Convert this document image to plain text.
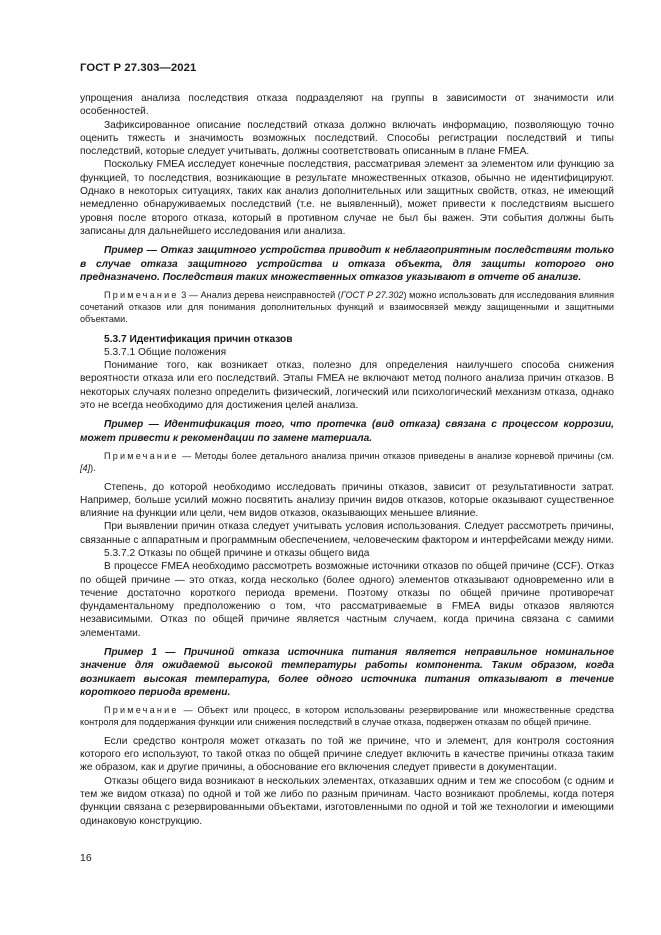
ГОСТ Р 27.303—2021

упрощения анализа последствия отказа подразделяют на группы в зависимости от значимости или особенностей.

Зафиксированное описание последствий отказа должно включать информацию, позволяющую точно оценить тяжесть и значимость возможных последствий. Способы регистрации последствий и типы последствий, которые следует учитывать, должны соответствовать описанным в плане FMEA.

Поскольку FMEA исследует конечные последствия, рассматривая элемент за элементом или функцию за функцией, то последствия, возникающие в результате множественных отказов, обычно не идентифицируют. Однако в некоторых ситуациях, таких как анализ дополнительных или защитных свойств, отказ, не имеющий немедленно обнаруживаемых последствий (т.е. не выявленный), может привести к последствиям высшего уровня после второго отказа, который в противном случае не был бы важен. Эти события должны быть записаны для дальнейшего исследования или анализа.

Пример — Отказ защитного устройства приводит к неблагоприятным последствиям только в случае отказа защитного устройства и отказа объекта, для защиты которого оно предназначено. Последствия таких множественных отказов указывают в отчете об анализе.

Примечание 3 — Анализ дерева неисправностей (ГОСТ Р 27.302) можно использовать для исследования влияния сочетаний отказов или для понимания дополнительных функций и взаимосвязей между защищенными и защитными объектами.

5.3.7 Идентификация причин отказов

5.3.7.1 Общие положения

Понимание того, как возникает отказ, полезно для определения наилучшего способа снижения вероятности отказа или его последствий. Этапы FMEA не включают метод полного анализа причин отказов. В некоторых случаях полезно определить физический, логический или психологический механизм отказа, однако это не всегда необходимо для достижения целей анализа.

Пример — Идентификация того, что протечка (вид отказа) связана с процессом коррозии, может привести к рекомендации по замене материала.

Примечание — Методы более детального анализа причин отказов приведены в анализе корневой причины (см. [4]).

Степень, до которой необходимо исследовать причины отказов, зависит от результативности затрат. Например, больше усилий можно посвятить анализу причин видов отказов, которые оказывают существенное влияние на функции или цели, чем видов отказов, оказывающих меньшее влияние.

При выявлении причин отказа следует учитывать условия использования. Следует рассмотреть причины, связанные с аппаратным и программным обеспечением, человеческим фактором и интерфейсами между ними.

5.3.7.2 Отказы по общей причине и отказы общего вида

В процессе FMEA необходимо рассмотреть возможные источники отказов по общей причине (CCF). Отказ по общей причине — это отказ, когда несколько (более одного) элементов отказывают одновременно или в течение достаточно короткого периода времени. Поэтому отказы по общей причине противоречат фундаментальному предположению о том, что рассматриваемые в FMEA виды отказов являются независимыми. Отказ по общей причине является частным случаем, когда причина связана с самими элементами.

Пример 1 — Причиной отказа источника питания является неправильное номинальное значение для ожидаемой высокой температуры работы компонента. Таким образом, когда возникает высокая температура, более одного источника питания отказывают в течение короткого периода времени.

Примечание — Объект или процесс, в котором использованы резервирование или множественные средства контроля для поддержания функции или снижения последствий в случае отказа, подвержен отказам по общей причине.

Если средство контроля может отказать по той же причине, что и элемент, для контроля состояния которого его используют, то такой отказ по общей причине следует включить в качестве причины отказа таким же образом, как и другие причины, а обоснование его включения следует привести в документации.

Отказы общего вида возникают в нескольких элементах, отказавших одним и тем же способом (с одним и тем же видом отказа) по одной и той же либо по разным причинам. Часто возникают проблемы, когда потеря функции связана с резервированными объектами, изготовленными по одной и той же технологии и имеющими одинаковую конструкцию.

16
